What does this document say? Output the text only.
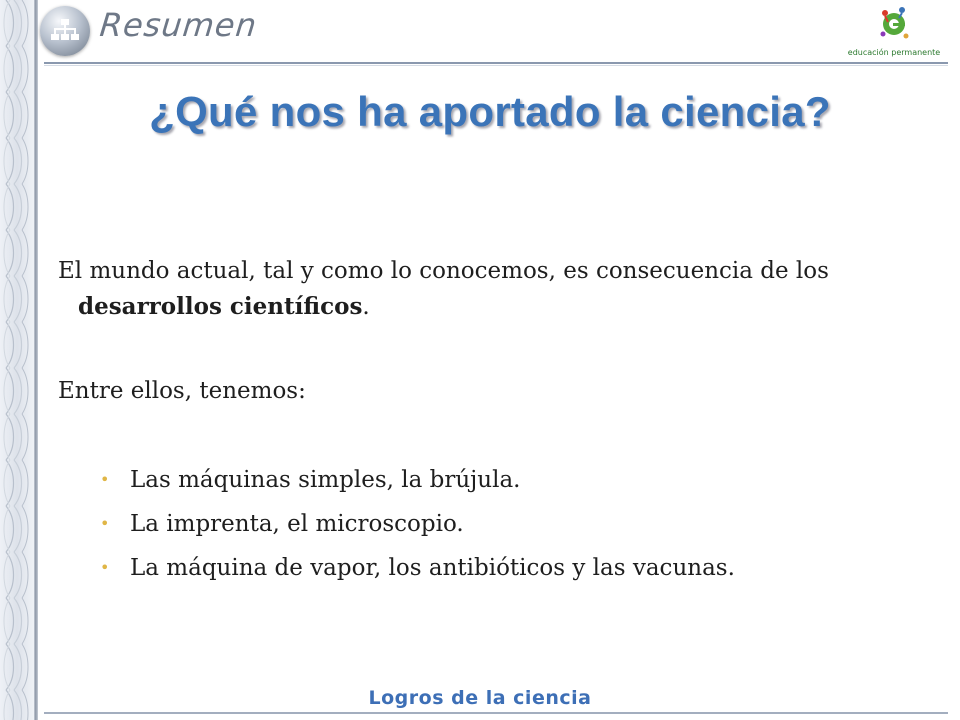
Resumen
educación permanente
¿Qué nos ha aportado la ciencia?

El mundo actual, tal y como lo conocemos, es consecuencia de los desarrollos científicos.

Entre ellos, tenemos:

• Las máquinas simples, la brújula.
• La imprenta, el microscopio.
• La máquina de vapor, los antibióticos y las vacunas.
Logros de la ciencia
